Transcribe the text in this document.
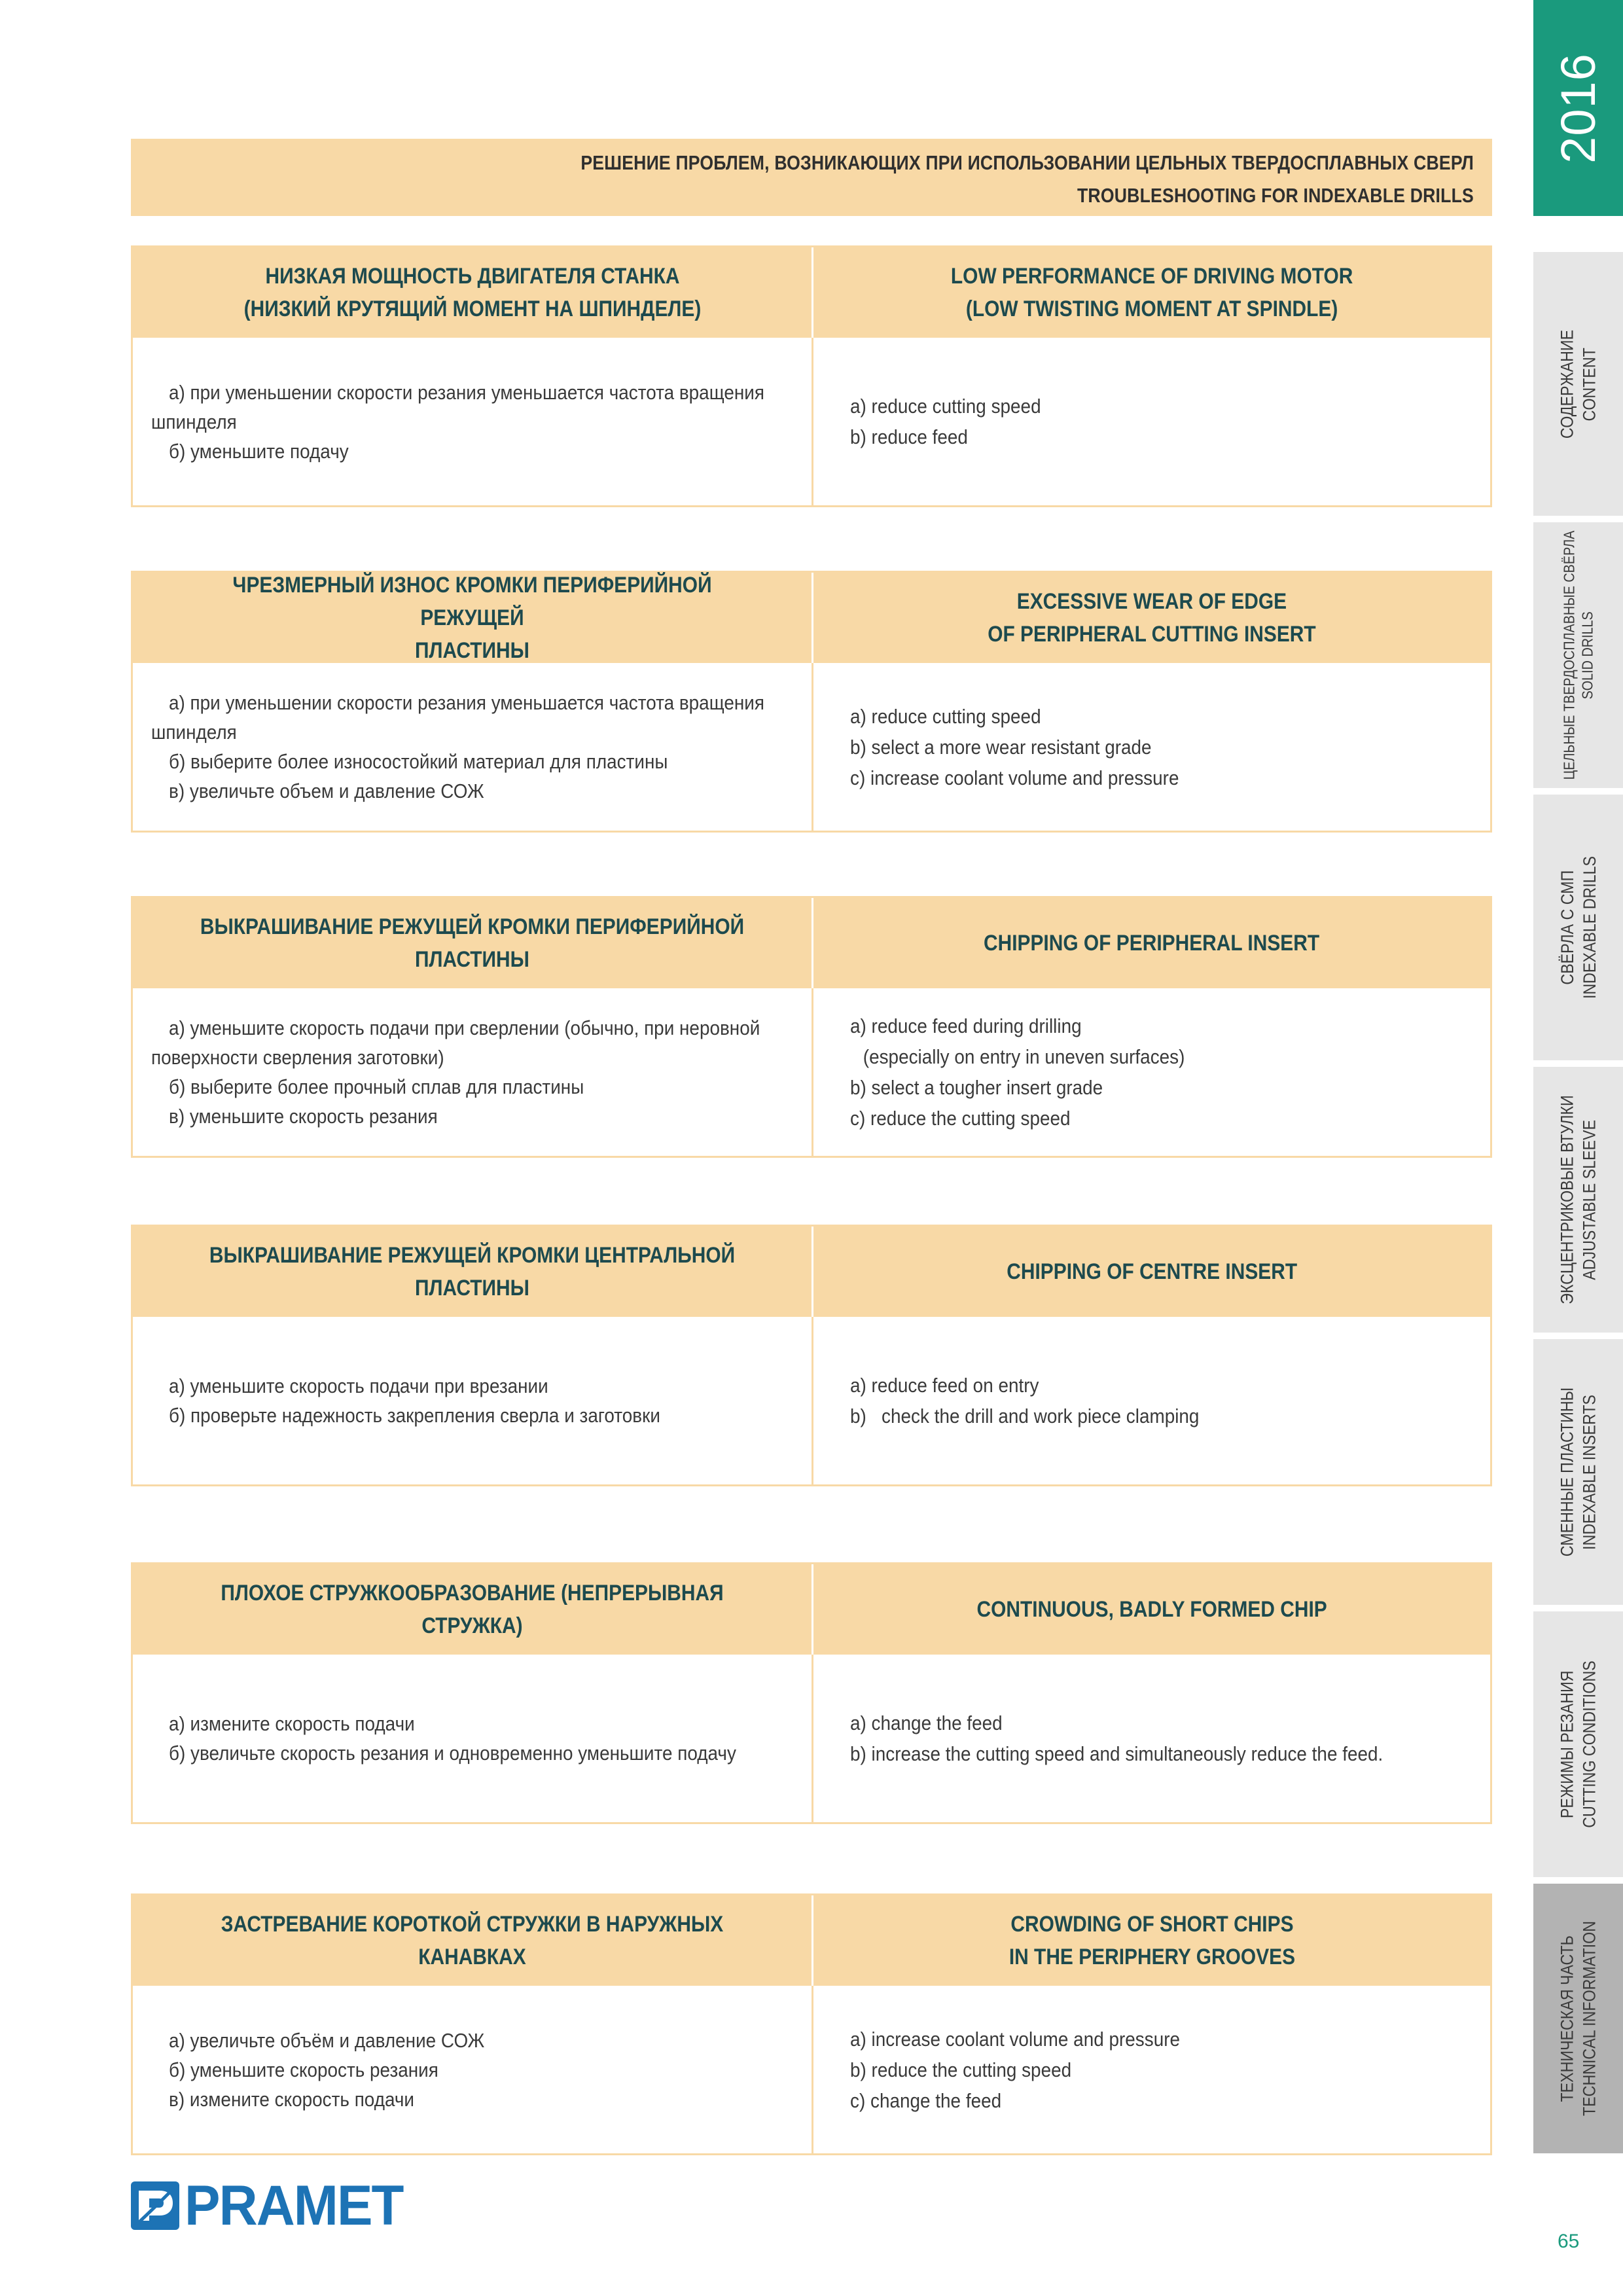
РЕШЕНИЕ ПРОБЛЕМ, ВОЗНИКАЮЩИХ ПРИ ИСПОЛЬЗОВАНИИ ЦЕЛЬНЫХ ТВЕРДОСПЛАВНЫХ СВЕРЛ
TROUBLESHOOTING FOR INDEXABLE DRILLS
НИЗКАЯ МОЩНОСТЬ ДВИГАТЕЛЯ СТАНКА
(НИЗКИЙ КРУТЯЩИЙ МОМЕНТ НА ШПИНДЕЛЕ)
LOW PERFORMANCE OF DRIVING MOTOR
(LOW TWISTING MOMENT AT SPINDLE)
а) при уменьшении скорости резания уменьшается частота вращения шпинделя
б) уменьшите подачу
a) reduce cutting speed
b) reduce feed
ЧРЕЗМЕРНЫЙ ИЗНОС КРОМКИ ПЕРИФЕРИЙНОЙ РЕЖУЩЕЙ
ПЛАСТИНЫ
EXCESSIVE WEAR OF EDGE
OF PERIPHERAL CUTTING INSERT
а) при уменьшении скорости резания уменьшается частота вращения шпинделя
б) выберите более износостойкий материал для пластины
в) увеличьте объем и давление СОЖ
a) reduce cutting speed
b) select a more wear resistant grade
c) increase coolant volume and pressure
ВЫКРАШИВАНИЕ РЕЖУЩЕЙ КРОМКИ ПЕРИФЕРИЙНОЙ ПЛАСТИНЫ
CHIPPING OF PERIPHERAL INSERT
а) уменьшите скорость подачи при сверлении (обычно, при неровной поверхности сверления заготовки)
б) выберите более прочный сплав для пластины
в) уменьшите скорость резания
a) reduce feed during drilling
(especially on entry in uneven surfaces)
b) select a tougher insert grade
c) reduce the cutting speed
ВЫКРАШИВАНИЕ РЕЖУЩЕЙ КРОМКИ ЦЕНТРАЛЬНОЙ ПЛАСТИНЫ
CHIPPING OF CENTRE INSERT
а) уменьшите скорость подачи при врезании
б) проверьте надежность закрепления сверла и заготовки
a) reduce feed on entry
b)   check the drill and work piece clamping
ПЛОХОЕ СТРУЖКООБРАЗОВАНИЕ (НЕПРЕРЫВНАЯ СТРУЖКА)
CONTINUOUS, BADLY FORMED CHIP
а) измените скорость подачи
б) увеличьте скорость резания и одновременно уменьшите подачу
a) change the feed
b) increase the cutting speed and simultaneously reduce the feed.
ЗАСТРЕВАНИЕ КОРОТКОЙ СТРУЖКИ В НАРУЖНЫХ КАНАВКАХ
CROWDING OF SHORT CHIPS
IN THE PERIPHERY GROOVES
а) увеличьте объём и давление СОЖ
б) уменьшите скорость резания
в) измените скорость подачи
a) increase coolant volume and pressure
b) reduce the cutting speed
c) change the feed
2016
СОДЕРЖАНИЕ CONTENT
ЦЕЛЬНЫЕ ТВЕРДОСПЛАВНЫЕ СВЁРЛА SOLID DRILLS
СВЁРЛА С СМП INDEXABLE DRILLS
ЭКСЦЕНТРИКОВЫЕ ВТУЛКИ ADJUSTABLE SLEEVE
СМЕННЫЕ ПЛАСТИНЫ INDEXABLE INSERTS
РЕЖИМЫ РЕЗАНИЯ CUTTING CONDITIONS
ТЕХНИЧЕСКАЯ ЧАСТЬ TECHNICAL INFORMATION
PRAMET
65
